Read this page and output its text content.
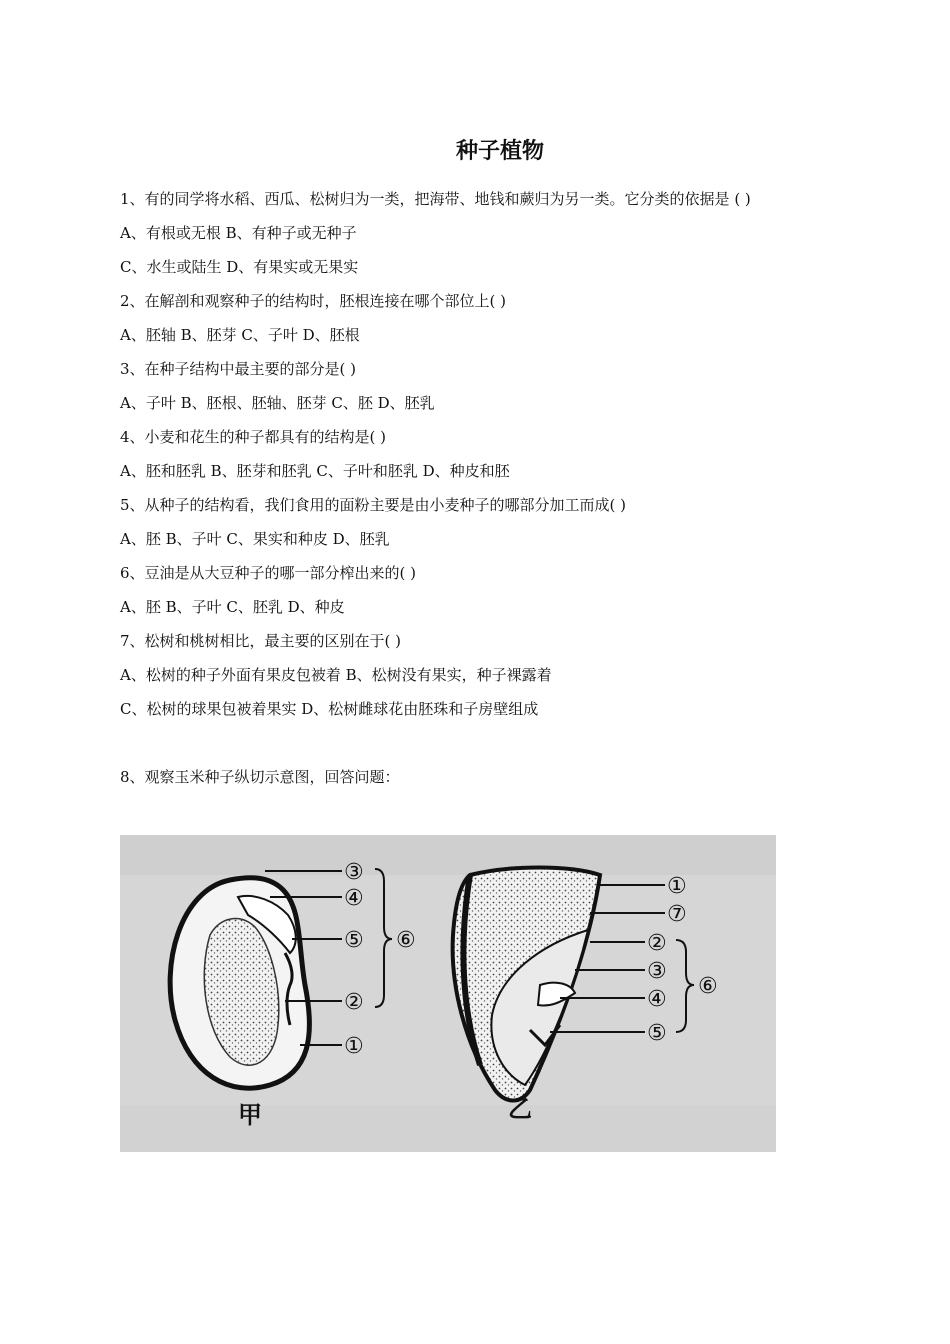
种子植物
1、有的同学将水稻、西瓜、松树归为一类，把海带、地钱和蕨归为另一类。它分类的依据是 ( )
A、有根或无根 B、有种子或无种子
C、水生或陆生 D、有果实或无果实
2、在解剖和观察种子的结构时，胚根连接在哪个部位上( )
A、胚轴 B、胚芽 C、子叶 D、胚根
3、在种子结构中最主要的部分是( )
A、子叶 B、胚根、胚轴、胚芽 C、胚 D、胚乳
4、小麦和花生的种子都具有的结构是( )
A、胚和胚乳 B、胚芽和胚乳 C、子叶和胚乳 D、种皮和胚
5、从种子的结构看，我们食用的面粉主要是由小麦种子的哪部分加工而成( )
A、胚 B、子叶 C、果实和种皮 D、胚乳
6、豆油是从大豆种子的哪一部分榨出来的( )
A、胚 B、子叶 C、胚乳 D、种皮
7、松树和桃树相比，最主要的区别在于( )
A、松树的种子外面有果皮包被着 B、松树没有果实，种子裸露着
C、松树的球果包被着果实 D、松树雌球花由胚珠和子房壁组成
8、观察玉米种子纵切示意图，回答问题：
③
④
⑤
②
①
⑥
甲
①
⑦
②
③
④
⑤
⑥
乙
